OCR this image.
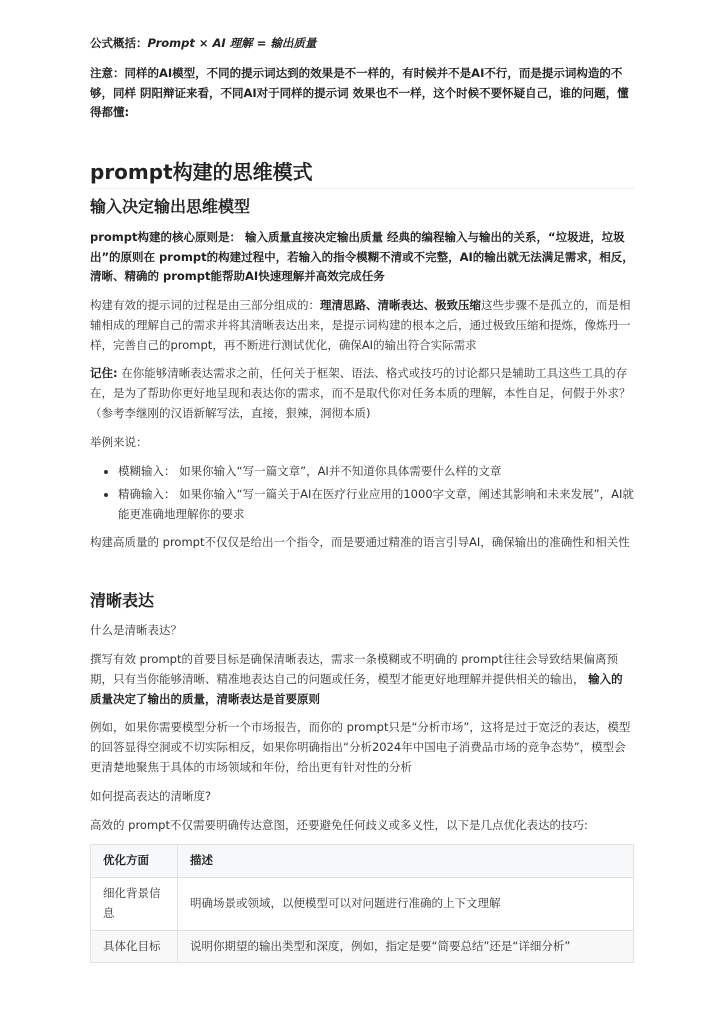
公式概括：Prompt × AI 理解 = 输出质量

注意：同样的AI模型，不同的提示词达到的效果是不一样的，有时候并不是AI不行，而是提示词构造的不够，同样 阴阳辩证来看，不同AI对于同样的提示词 效果也不一样，这个时候不要怀疑自己，谁的问题，懂得都懂:

prompt构建的思维模式
输入决定输出思维模型

prompt构建的核心原则是： 输入质量直接决定输出质量 经典的编程输入与输出的关系，“垃圾进，垃圾出”的原则在 prompt的构建过程中，若输入的指令模糊不清或不完整，AI的输出就无法满足需求，相反，清晰、精确的 prompt能帮助AI快速理解并高效完成任务

构建有效的提示词的过程是由三部分组成的：理清思路、清晰表达、极致压缩这些步骤不是孤立的，而是相辅相成的理解自己的需求并将其清晰表达出来，是提示词构建的根本之后，通过极致压缩和提炼，像炼丹一样，完善自己的prompt，再不断进行测试优化，确保AI的输出符合实际需求

记住: 在你能够清晰表达需求之前，任何关于框架、语法、格式或技巧的讨论都只是辅助工具这些工具的存在，是为了帮助你更好地呈现和表达你的需求，而不是取代你对任务本质的理解，本性自足，何假于外求？（参考李继刚的汉语新解写法，直接，狠辣，洞彻本质)

举例来说：

• 模糊输入： 如果你输入“写一篇文章”，AI并不知道你具体需要什么样的文章
• 精确输入： 如果你输入“写一篇关于AI在医疗行业应用的1000字文章，阐述其影响和未来发展”，AI就能更准确地理解你的要求

构建高质量的 prompt不仅仅是给出一个指令，而是要通过精准的语言引导AI，确保输出的准确性和相关性

清晰表达

什么是清晰表达？

撰写有效 prompt的首要目标是确保清晰表达，需求一条模糊或不明确的 prompt往往会导致结果偏离预期，只有当你能够清晰、精准地表达自己的问题或任务，模型才能更好地理解并提供相关的输出， 输入的质量决定了输出的质量，清晰表达是首要原则

例如，如果你需要模型分析一个市场报告，而你的 prompt只是“分析市场”，这将是过于宽泛的表达，模型的回答显得空洞或不切实际相反，如果你明确指出“分析2024年中国电子消费品市场的竞争态势”，模型会更清楚地聚焦于具体的市场领域和年份，给出更有针对性的分析

如何提高表达的清晰度?

高效的 prompt不仅需要明确传达意图，还要避免任何歧义或多义性，以下是几点优化表达的技巧:

优化方面	描述
细化背景信息	明确场景或领域，以便模型可以对问题进行准确的上下文理解
具体化目标	说明你期望的输出类型和深度，例如，指定是要“简要总结”还是“详细分析”
